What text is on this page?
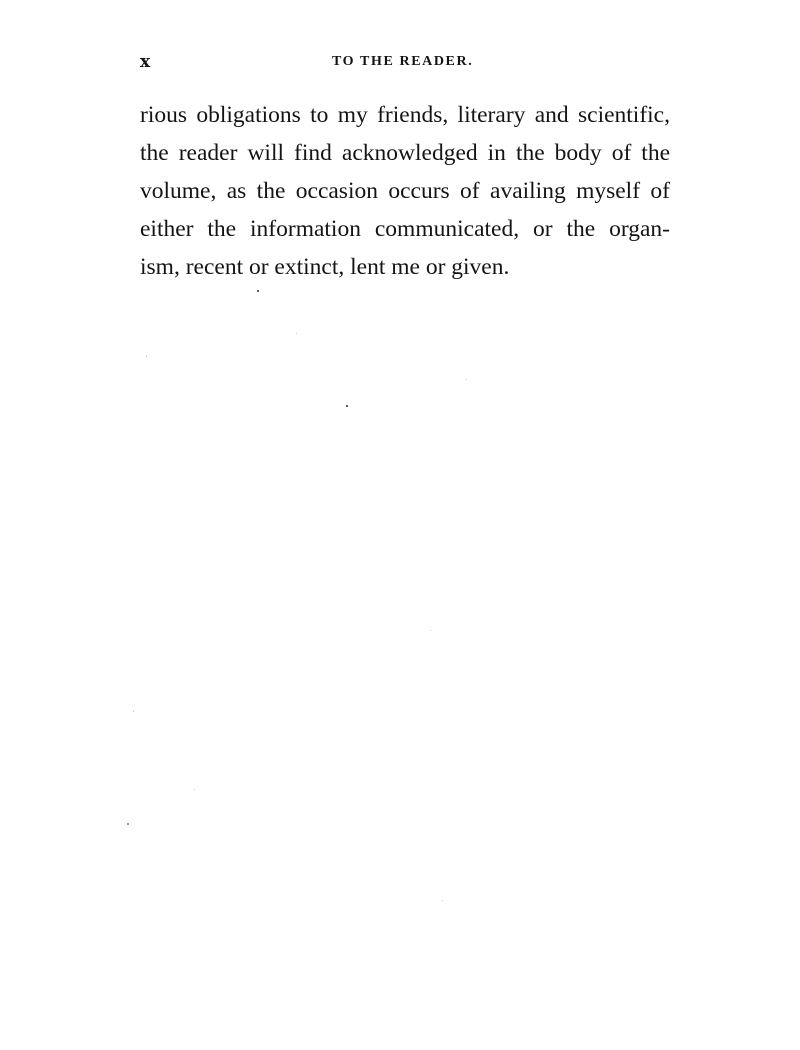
x	TO THE READER.
rious obligations to my friends, literary and scientific,
the reader will find acknowledged in the body of the
volume, as the occasion occurs of availing myself of
either the information communicated, or the organ-
ism, recent or extinct, lent me or given.
